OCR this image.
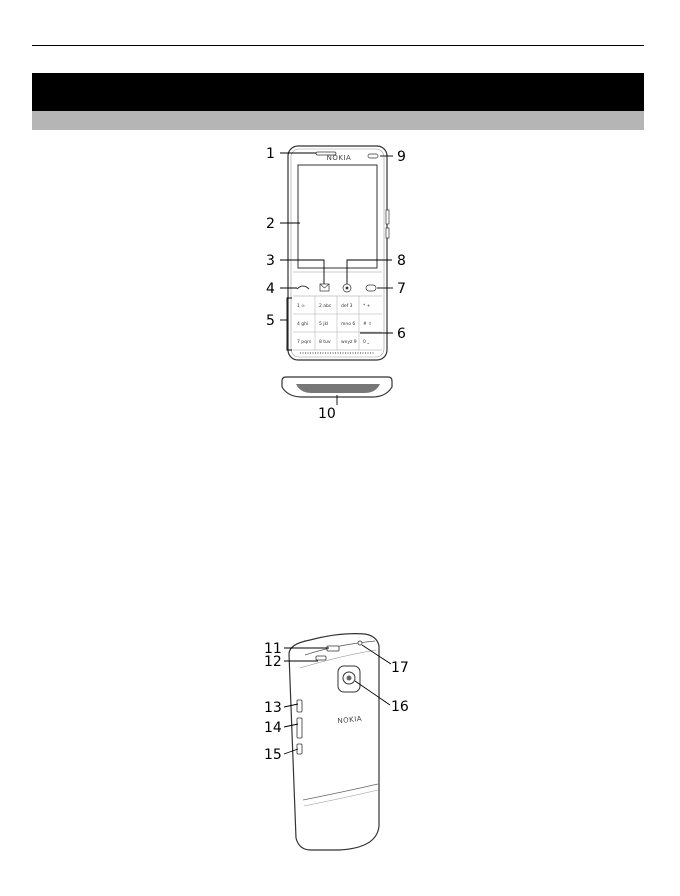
NOKIA
1 ∞	2 abc def 3 * +
4 ghi 5 jkl	mno 6 # ⇧
7 pqrs 8 tuv wxyz 9 0 ⎵
1
2
3
4
5
6
7
8
9
10
NOKIA
11
12
13
14
15
16
17
